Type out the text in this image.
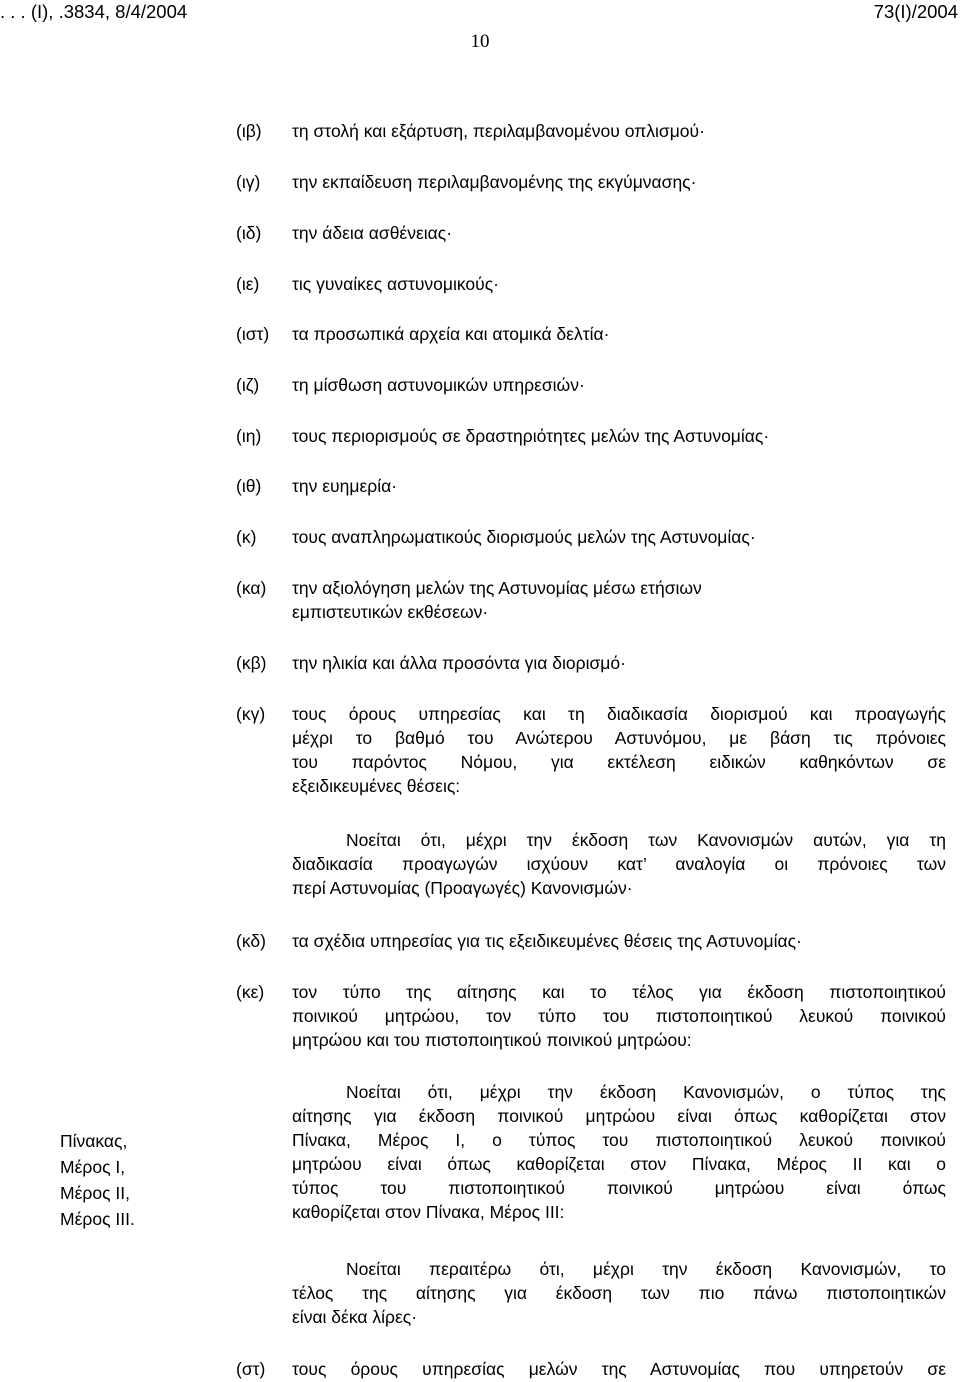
. . . (Ι), .3834, 8/4/2004	73(Ι)/2004
10
(ιβ)	τη στολή και εξάρτυση, περιλαμβανομένου οπλισμού·
(ιγ)	την εκπαίδευση περιλαμβανομένης της εκγύμνασης·
(ιδ)	την άδεια ασθένειας·
(ιε)	τις γυναίκες αστυνομικούς·
(ιστ)	τα προσωπικά αρχεία και ατομικά δελτία·
(ιζ)	τη μίσθωση αστυνομικών υπηρεσιών·
(ιη)	τους περιορισμούς σε δραστηριότητες μελών της Αστυνομίας·
(ιθ)	την ευημερία·
(κ)	τους αναπληρωματικούς διορισμούς μελών της Αστυνομίας·
(κα)	την αξιολόγηση μελών της Αστυνομίας μέσω ετήσιων
εμπιστευτικών εκθέσεων·
(κβ)	την ηλικία και άλλα προσόντα για διορισμό·
(κγ)	τους όρους υπηρεσίας και τη διαδικασία διορισμού και προαγωγής
μέχρι το βαθμό του Ανώτερου Αστυνόμου, με βάση τις πρόνοιες
του παρόντος Νόμου, για εκτέλεση ειδικών καθηκόντων σε
εξειδικευμένες θέσεις:
Νοείται ότι, μέχρι την έκδοση των Κανονισμών αυτών, για τη
διαδικασία προαγωγών ισχύουν κατ’ αναλογία οι πρόνοιες των
περί Αστυνομίας (Προαγωγές) Κανονισμών·
(κδ)	τα σχέδια υπηρεσίας για τις εξειδικευμένες θέσεις της Αστυνομίας·
(κε)	τον τύπο της αίτησης και το τέλος για έκδοση πιστοποιητικού
ποινικού μητρώου, τον τύπο του πιστοποιητικού λευκού ποινικού
μητρώου και του πιστοποιητικού ποινικού μητρώου:
Νοείται ότι, μέχρι την έκδοση Κανονισμών, ο τύπος της
αίτησης για έκδοση ποινικού μητρώου είναι όπως καθορίζεται στον
Πίνακα, Μέρος Ι, ο τύπος του πιστοποιητικού λευκού ποινικού
μητρώου είναι όπως καθορίζεται στον Πίνακα, Μέρος ΙΙ και ο
τύπος του πιστοποιητικού ποινικού μητρώου είναι όπως
καθορίζεται στον Πίνακα, Μέρος ΙΙΙ:
Νοείται περαιτέρω ότι, μέχρι την έκδοση Κανονισμών, το
τέλος της αίτησης για έκδοση των πιο πάνω πιστοποιητικών
είναι δέκα λίρες·
Πίνακας,
Μέρος Ι,
Μέρος ΙΙ,
Μέρος ΙΙΙ.
(στ)	τους όρους υπηρεσίας μελών της Αστυνομίας που υπηρετούν σε
